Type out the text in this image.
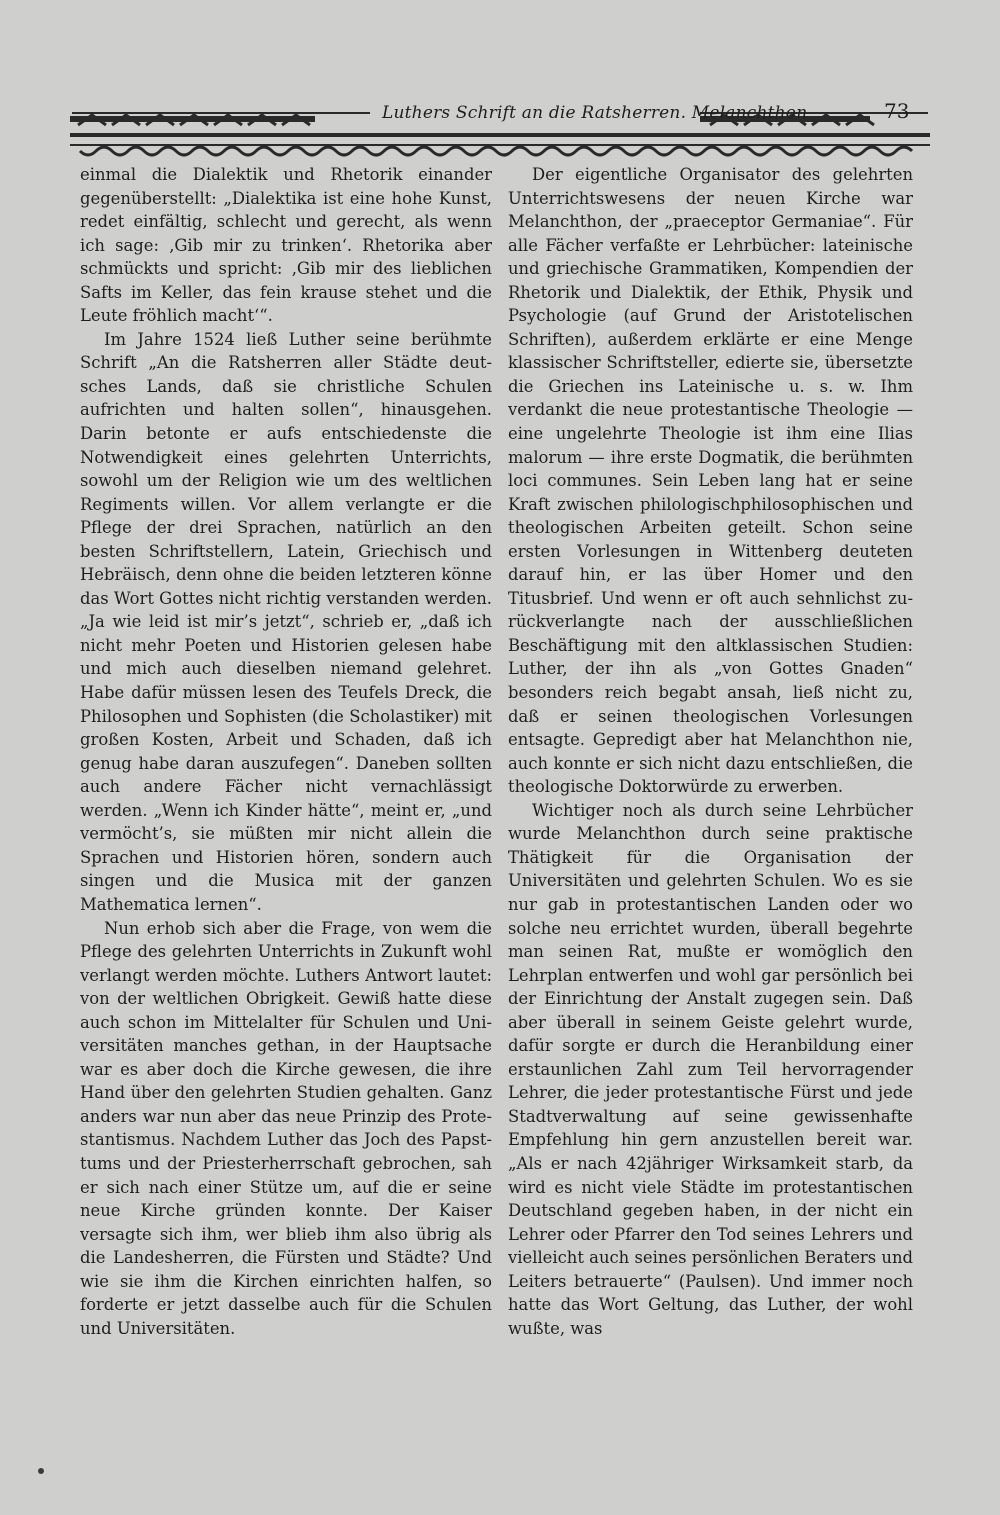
Luthers Schrift an die Ratsherren. Melanchthon	73

einmal die Dialektik und Rhetorik einander gegenüberstellt: „Dialektika ist eine hohe Kunst, redet einfältig, schlecht und gerecht, als wenn ich sage: ‚Gib mir zu trinken‘. Rhetorika aber schmückts und spricht: ‚Gib mir des lieblichen Safts im Keller, das fein krause stehet und die Leute fröhlich macht‘“.

Im Jahre 1524 ließ Luther seine berühmte Schrift „An die Ratsherren aller Städte deutsches Lands, daß sie christliche Schulen aufrichten und halten sollen“, hinausgehen. Darin betonte er aufs entschiedenste die Notwendigkeit eines gelehrten Unterrichts, sowohl um der Religion wie um des weltlichen Regiments willen. Vor allem verlangte er die Pflege der drei Sprachen, natürlich an den besten Schriftstellern, Latein, Griechisch und Hebräisch, denn ohne die beiden letzteren könne das Wort Gottes nicht richtig verstanden werden. „Ja wie leid ist mir’s jetzt“, schrieb er, „daß ich nicht mehr Poeten und Historien gelesen habe und mich auch dieselben niemand gelehret. Habe dafür müssen lesen des Teufels Dreck, die Philosophen und Sophisten (die Scholastiker) mit großen Kosten, Arbeit und Schaden, daß ich genug habe daran auszufegen“. Daneben sollten auch andere Fächer nicht vernachlässigt werden. „Wenn ich Kinder hätte“, meint er, „und vermöcht’s, sie müßten mir nicht allein die Sprachen und Historien hören, sondern auch singen und die Musica mit der ganzen Mathematica lernen“.

Nun erhob sich aber die Frage, von wem die Pflege des gelehrten Unterrichts in Zukunft wohl verlangt werden möchte. Luthers Antwort lautet: von der weltlichen Obrigkeit. Gewiß hatte diese auch schon im Mittelalter für Schulen und Universitäten manches gethan, in der Hauptsache war es aber doch die Kirche gewesen, die ihre Hand über den gelehrten Studien gehalten. Ganz anders war nun aber das neue Prinzip des Protestantismus. Nachdem Luther das Joch des Papsttums und der Priesterherrschaft gebrochen, sah er sich nach einer Stütze um, auf die er seine neue Kirche gründen konnte. Der Kaiser versagte sich ihm, wer blieb ihm also übrig als die Landesherren, die Fürsten und Städte? Und wie sie ihm die Kirchen einrichten halfen, so forderte er jetzt dasselbe auch für die Schulen und Universitäten.

Der eigentliche Organisator des gelehrten Unterrichtswesens der neuen Kirche war Melanchthon, der „praeceptor Germaniae“. Für alle Fächer verfaßte er Lehrbücher: lateinische und griechische Grammatiken, Kompendien der Rhetorik und Dialektik, der Ethik, Physik und Psychologie (auf Grund der Aristotelischen Schriften), außerdem erklärte er eine Menge klassischer Schriftsteller, edierte sie, übersetzte die Griechen ins Lateinische u. s. w. Ihm verdankt die neue protestantische Theologie — eine ungelehrte Theologie ist ihm eine Ilias malorum — ihre erste Dogmatik, die berühmten loci communes. Sein Leben lang hat er seine Kraft zwischen philologischphilosophischen und theologischen Arbeiten geteilt. Schon seine ersten Vorlesungen in Wittenberg deuteten darauf hin, er las über Homer und den Titusbrief. Und wenn er oft auch sehnlichst zurückverlangte nach der ausschließlichen Beschäftigung mit den altklassischen Studien: Luther, der ihn als „von Gottes Gnaden“ besonders reich begabt ansah, ließ nicht zu, daß er seinen theologischen Vorlesungen entsagte. Gepredigt aber hat Melanchthon nie, auch konnte er sich nicht dazu entschließen, die theologische Doktorwürde zu erwerben.

Wichtiger noch als durch seine Lehrbücher wurde Melanchthon durch seine praktische Thätigkeit für die Organisation der Universitäten und gelehrten Schulen. Wo es sie nur gab in protestantischen Landen oder wo solche neu errichtet wurden, überall begehrte man seinen Rat, mußte er womöglich den Lehrplan entwerfen und wohl gar persönlich bei der Einrichtung der Anstalt zugegen sein. Daß aber überall in seinem Geiste gelehrt wurde, dafür sorgte er durch die Heranbildung einer erstaunlichen Zahl zum Teil hervorragender Lehrer, die jeder protestantische Fürst und jede Stadtverwaltung auf seine gewissenhafte Empfehlung hin gern anzustellen bereit war. „Als er nach 42jähriger Wirksamkeit starb, da wird es nicht viele Städte im protestantischen Deutschland gegeben haben, in der nicht ein Lehrer oder Pfarrer den Tod seines Lehrers und vielleicht auch seines persönlichen Beraters und Leiters betrauerte“ (Paulsen). Und immer noch hatte das Wort Geltung, das Luther, der wohl wußte, was
